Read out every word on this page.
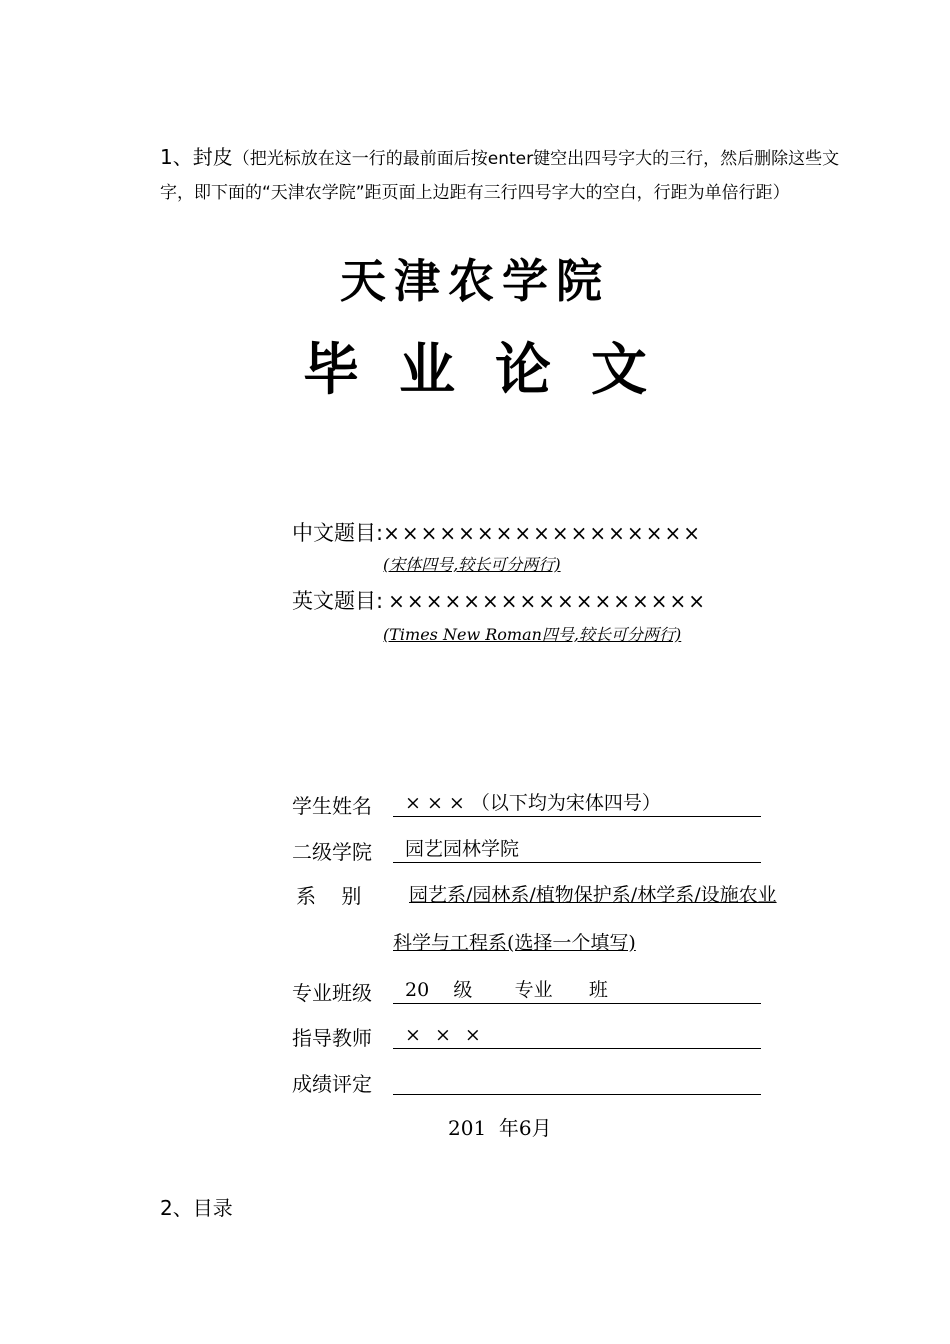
1、封皮（把光标放在这一行的最前面后按enter键空出四号字大的三行，然后删除这些文字，即下面的“天津农学院”距页面上边距有三行四号字大的空白，行距为单倍行距）
天津农学院
毕业论文
中文题目:×××××××××××××××××
(宋体四号,较长可分两行)
英文题目: ×××××××××××××××××
(Times New Roman四号,较长可分两行)
学生姓名	× × × （以下均为宋体四号）
二级学院	园艺园林学院
系    别	园艺系/园林系/植物保护系/林学系/设施农业
科学与工程系(选择一个填写)
专业班级	20    级       专业      班
指导教师	× × ×
成绩评定
201  年6月
2、目录
